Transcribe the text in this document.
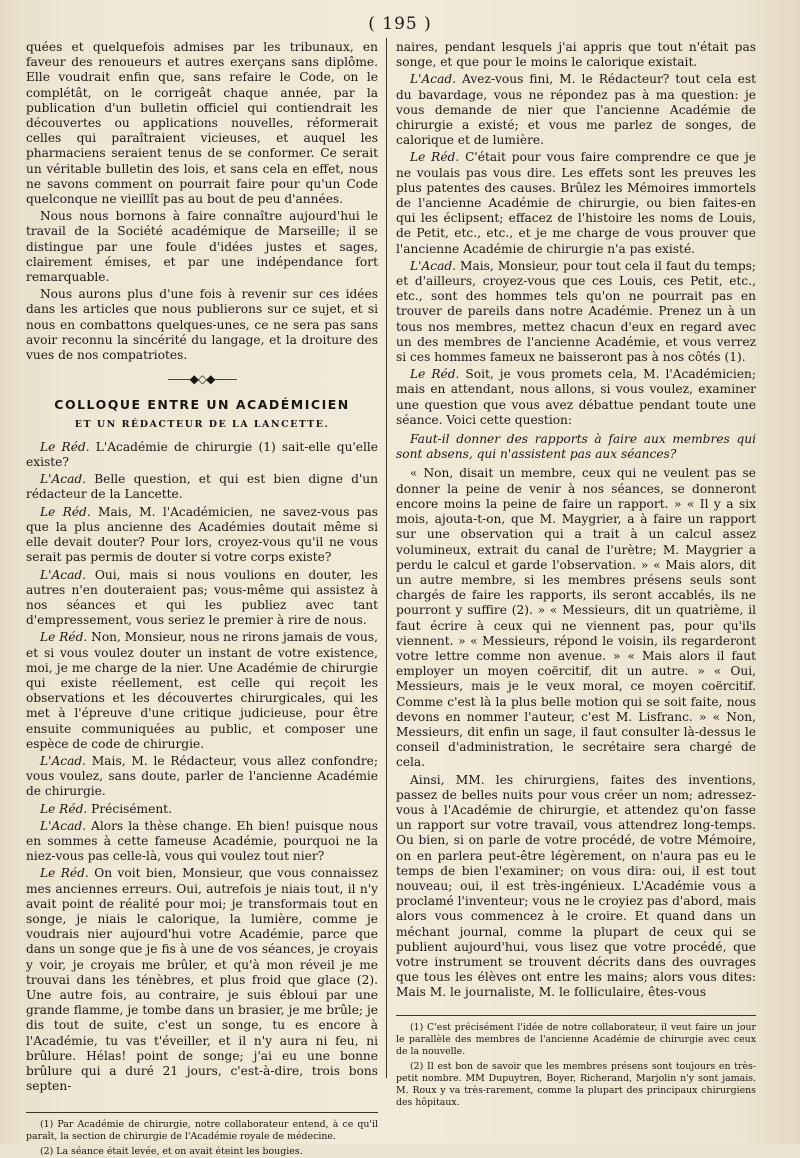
( 195 )

quées et quelquefois admises par les tribunaux, en faveur des renoueurs et autres exerçans sans diplôme. Elle voudrait enfin que, sans refaire le Code, on le complétât, on le corrigeât chaque année, par la publication d'un bulletin officiel qui contiendrait les découvertes ou applications nouvelles, réformerait celles qui paraîtraient vicieuses, et auquel les pharmaciens seraient tenus de se conformer. Ce serait un véritable bulletin des lois, et sans cela en effet, nous ne savons comment on pourrait faire pour qu'un Code quelconque ne vieillît pas au bout de peu d'années.

Nous nous bornons à faire connaître aujourd'hui le travail de la Société académique de Marseille; il se distingue par une foule d'idées justes et sages, clairement émises, et par une indépendance fort remarquable.

Nous aurons plus d'une fois à revenir sur ces idées dans les articles que nous publierons sur ce sujet, et si nous en combattons quelques-unes, ce ne sera pas sans avoir reconnu la sincérité du langage, et la droiture des vues de nos compatriotes.

——◆◇◆——
COLLOQUE ENTRE UN ACADÉMICIEN
ET UN RÉDACTEUR DE LA LANCETTE.

Le Réd. L'Académie de chirurgie (1) sait-elle qu'elle existe?

L'Acad. Belle question, et qui est bien digne d'un rédacteur de la Lancette.

Le Réd. Mais, M. l'Académicien, ne savez-vous pas que la plus ancienne des Académies doutait même si elle devait douter? Pour lors, croyez-vous qu'il ne vous serait pas permis de douter si votre corps existe?

L'Acad. Oui, mais si nous voulions en douter, les autres n'en douteraient pas; vous-même qui assistez à nos séances et qui les publiez avec tant d'empressement, vous seriez le premier à rire de nous.

Le Réd. Non, Monsieur, nous ne rirons jamais de vous, et si vous voulez douter un instant de votre existence, moi, je me charge de la nier. Une Académie de chirurgie qui existe réellement, est celle qui reçoit les observations et les découvertes chirurgicales, qui les met à l'épreuve d'une critique judicieuse, pour être ensuite communiquées au public, et composer une espèce de code de chirurgie.

L'Acad. Mais, M. le Rédacteur, vous allez confondre; vous voulez, sans doute, parler de l'ancienne Académie de chirurgie.

Le Réd. Précisément.

L'Acad. Alors la thèse change. Eh bien! puisque nous en sommes à cette fameuse Académie, pourquoi ne la niez-vous pas celle-là, vous qui voulez tout nier?

Le Réd. On voit bien, Monsieur, que vous connaissez mes anciennes erreurs. Oui, autrefois je niais tout, il n'y avait point de réalité pour moi; je transformais tout en songe, je niais le calorique, la lumière, comme je voudrais nier aujourd'hui votre Académie, parce que dans un songe que je fis à une de vos séances, je croyais y voir, je croyais me brûler, et qu'à mon réveil je me trouvai dans les ténèbres, et plus froid que glace (2). Une autre fois, au contraire, je suis ébloui par une grande flamme, je tombe dans un brasier, je me brûle; je dis tout de suite, c'est un songe, tu es encore à l'Académie, tu vas t'éveiller, et il n'y aura ni feu, ni brûlure. Hélas! point de songe; j'ai eu une bonne brûlure qui a duré 21 jours, c'est-à-dire, trois bons septen-

(1) Par Académie de chirurgie, notre collaborateur entend, à ce qu'il paraît, la section de chirurgie de l'Académie royale de médecine.

(2) La séance était levée, et on avait éteint les bougies.

naires, pendant lesquels j'ai appris que tout n'était pas songe, et que pour le moins le calorique existait.

L'Acad. Avez-vous fini, M. le Rédacteur? tout cela est du bavardage, vous ne répondez pas à ma question: je vous demande de nier que l'ancienne Académie de chirurgie a existé; et vous me parlez de songes, de calorique et de lumière.

Le Réd. C'était pour vous faire comprendre ce que je ne voulais pas vous dire. Les effets sont les preuves les plus patentes des causes. Brûlez les Mémoires immortels de l'ancienne Académie de chirurgie, ou bien faites-en qui les éclipsent; effacez de l'histoire les noms de Louis, de Petit, etc., etc., et je me charge de vous prouver que l'ancienne Académie de chirurgie n'a pas existé.

L'Acad. Mais, Monsieur, pour tout cela il faut du temps; et d'ailleurs, croyez-vous que ces Louis, ces Petit, etc., etc., sont des hommes tels qu'on ne pourrait pas en trouver de pareils dans notre Académie. Prenez un à un tous nos membres, mettez chacun d'eux en regard avec un des membres de l'ancienne Académie, et vous verrez si ces hommes fameux ne baisseront pas à nos côtés (1).

Le Réd. Soit, je vous promets cela, M. l'Académicien; mais en attendant, nous allons, si vous voulez, examiner une question que vous avez débattue pendant toute une séance. Voici cette question:

Faut-il donner des rapports à faire aux membres qui sont absens, qui n'assistent pas aux séances?

« Non, disait un membre, ceux qui ne veulent pas se donner la peine de venir à nos séances, se donneront encore moins la peine de faire un rapport. » « Il y a six mois, ajouta-t-on, que M. Maygrier, a à faire un rapport sur une observation qui a trait à un calcul assez volumineux, extrait du canal de l'urètre; M. Maygrier a perdu le calcul et garde l'observation. » « Mais alors, dit un autre membre, si les membres présens seuls sont chargés de faire les rapports, ils seront accablés, ils ne pourront y suffire (2). » « Messieurs, dit un quatrième, il faut écrire à ceux qui ne viennent pas, pour qu'ils viennent. » « Messieurs, répond le voisin, ils regarderont votre lettre comme non avenue. » « Mais alors il faut employer un moyen coërcitif, dit un autre. » « Oui, Messieurs, mais je le veux moral, ce moyen coërcitif. Comme c'est là la plus belle motion qui se soit faite, nous devons en nommer l'auteur, c'est M. Lisfranc. » « Non, Messieurs, dit enfin un sage, il faut consulter là-dessus le conseil d'administration, le secrétaire sera chargé de cela.

Ainsi, MM. les chirurgiens, faites des inventions, passez de belles nuits pour vous créer un nom; adressez-vous à l'Académie de chirurgie, et attendez qu'on fasse un rapport sur votre travail, vous attendrez long-temps. Ou bien, si on parle de votre procédé, de votre Mémoire, on en parlera peut-être légèrement, on n'aura pas eu le temps de bien l'examiner; on vous dira: oui, il est tout nouveau; oui, il est très-ingénieux. L'Académie vous a proclamé l'inventeur; vous ne le croyiez pas d'abord, mais alors vous commencez à le croire. Et quand dans un méchant journal, comme la plupart de ceux qui se publient aujourd'hui, vous lisez que votre procédé, que votre instrument se trouvent décrits dans des ouvrages que tous les élèves ont entre les mains; alors vous dites: Mais M. le journaliste, M. le folliculaire, êtes-vous

(1) C'est précisément l'idée de notre collaborateur, il veut faire un jour le parallèle des membres de l'ancienne Académie de chirurgie avec ceux de la nouvelle.

(2) Il est bon de savoir que les membres présens sont toujours en très-petit nombre. MM Dupuytren, Boyer, Richerand, Marjolin n'y sont jamais. M. Roux y va très-rarement, comme la plupart des principaux chirurgiens des hôpitaux.
